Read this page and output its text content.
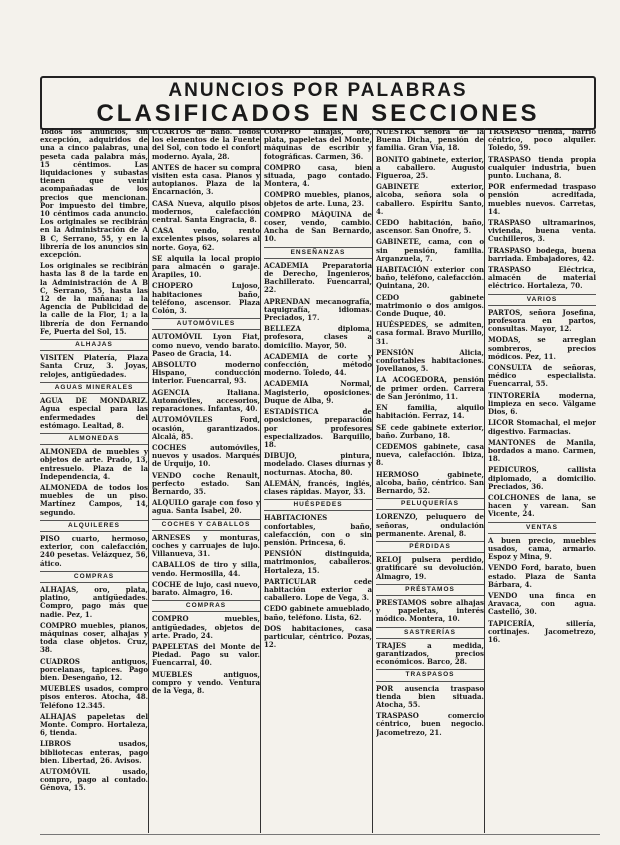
ANUNCIOS POR PALABRAS
CLASIFICADOS EN SECCIONES

Todos los anuncios, sin excepción, adquiridos de una a cinco palabras, una peseta cada palabra más, 15 céntimos. Las liquidaciones y subastas tienen que venir acompañadas de los precios que mencionan. Por impuesto del timbre, 10 céntimos cada anuncio. Los originales se recibirán en la Administración de A B C, Serrano, 55, y en la librería de los anuncios sin excepción.

Los originales se recibirán hasta las 8 de la tarde en la Administración de A B C, Serrano, 55, hasta las 12 de la mañana; a la Agencia de Publicidad de la calle de la Flor, 1; a la librería de don Fernando Fe, Puerta del Sol, 15.

ALHAJAS

VISITEN Platería, Plaza Santa Cruz, 3. Joyas, relojes, antigüedades.

AGUAS MINERALES

AGUA DE MONDARIZ. Agua especial para las enfermedades del estómago. Lealtad, 8.

ALMONEDAS

ALMONEDA de muebles y objetos de arte. Prado, 13, entresuelo. Plaza de la Independencia, 4.

ALMONEDA de todos los muebles de un piso. Martínez Campos, 14, segundo.

ALQUILERES

PISO cuarto, hermoso, exterior, con calefacción, 240 pesetas. Velázquez, 56, ático.

COMPRAS

ALHAJAS, oro, plata, platino, antigüedades. Compro, pago más que nadie. Pez, 1.

COMPRO muebles, pianos, máquinas coser, alhajas y toda clase objetos. Cruz, 38.

CUADROS antiguos, porcelanas, tapices. Pago bien. Desengaño, 12.

MUEBLES usados, compro pisos enteros. Atocha, 48. Teléfono 12.345.

ALHAJAS papeletas del Monte. Compro. Hortaleza, 6, tienda.

LIBROS usados, bibliotecas enteras, pago bien. Libertad, 26. Avisos.

AUTOMÓVIL usado, compro, pago al contado. Génova, 15.

CUARTOS de baño. Todos los elementos de la Fuente del Sol, con todo el confort moderno. Ayala, 28.

ANTES de hacer su compra visiten esta casa. Pianos y autopianos. Plaza de la Encarnación, 3.

CASA Nueva, alquilo pisos modernos, calefacción central. Santa Engracia, 8.

CASA vendo, rento excelentes pisos, solares al norte. Goya, 62.

SE alquila la local propio para almacén o garaje. Arapiles, 10.

CHOPERO Lujoso, habitaciones baño, teléfono, ascensor. Plaza Colón, 3.

AUTOMÓVILES

AUTOMÓVIL Lyon Fiat, como nuevo, vendo barato. Paseo de Gracia, 14.

ABSOLUTO moderno Hispano, conducción interior. Fuencarral, 93.

AGENCIA Italiana. Automóviles, accesorios, reparaciones. Infantas, 40.

AUTOMÓVILES Ford, ocasión, garantizados. Alcalá, 85.

COCHES automóviles, nuevos y usados. Marqués de Urquijo, 10.

VENDO coche Renault, perfecto estado. San Bernardo, 35.

ALQUILO garaje con foso y agua. Santa Isabel, 20.

COCHES Y CABALLOS

ARNESES y monturas, coches y carruajes de lujo. Villanueva, 31.

CABALLOS de tiro y silla, vendo. Hermosilla, 44.

COCHE de lujo, casi nuevo, barato. Almagro, 16.

COMPRAS

COMPRO muebles, antigüedades, objetos de arte. Prado, 24.

PAPELETAS del Monte de Piedad. Pago su valor. Fuencarral, 40.

MUEBLES antiguos, compro y vendo. Ventura de la Vega, 8.

COMPRO alhajas, oro, plata, papeletas del Monte, máquinas de escribir y fotográficas. Carmen, 36.

COMPRO casa, bien situada, pago contado. Montera, 4.

COMPRO muebles, pianos, objetos de arte. Luna, 23.

COMPRO MÁQUINA de coser, vendo, cambio. Ancha de San Bernardo, 10.

ENSEÑANZAS

ACADEMIA Preparatoria de Derecho, Ingenieros, Bachillerato. Fuencarral, 22.

APRENDAN mecanografía, taquigrafía, idiomas. Preciados, 17.

BELLEZA diploma, profesora, clases a domicilio. Mayor, 50.

ACADEMIA de corte y confección, método moderno. Toledo, 44.

ACADEMIA Normal, Magisterio, oposiciones. Duque de Alba, 9.

ESTADÍSTICA de oposiciones, preparación por profesores especializados. Barquillo, 18.

DIBUJO, pintura, modelado. Clases diurnas y nocturnas. Atocha, 80.

ALEMÁN, francés, inglés, clases rápidas. Mayor, 33.

HUÉSPEDES

HABITACIONES confortables, baño, calefacción, con o sin pensión. Princesa, 6.

PENSIÓN distinguida, matrimonios, caballeros. Hortaleza, 15.

PARTICULAR cede habitación exterior a caballero. Lope de Vega, 3.

CEDO gabinete amueblado, baño, teléfono. Lista, 62.

DOS habitaciones, casa particular, céntrico. Pozas, 12.

NUESTRA señora de la Buena Dicha, pensión de familia. Gran Vía, 18.

BONITO gabinete, exterior, a caballero. Augusto Figueroa, 25.

GABINETE exterior, alcoba, señora sola o caballero. Espíritu Santo, 4.

CEDO habitación, baño, ascensor. San Onofre, 5.

GABINETE, cama, con o sin pensión, familia. Arganzuela, 7.

HABITACIÓN exterior con baño, teléfono, calefacción. Quintana, 20.

CEDO gabinete matrimonio o dos amigos. Conde Duque, 40.

HUÉSPEDES, se admiten, casa formal. Bravo Murillo, 31.

PENSIÓN Alicia, confortables habitaciones. Jovellanos, 5.

LA ACOGEDORA, pensión de primer orden. Carrera de San Jerónimo, 11.

EN familia, alquilo habitación. Ferraz, 14.

SE cede gabinete exterior, baño. Zurbano, 18.

CEDEMOS gabinete, casa nueva, calefacción. Ibiza, 8.

HERMOSO gabinete, alcoba, baño, céntrico. San Bernardo, 52.

PELUQUERÍAS

LORENZO, peluquero de señoras, ondulación permanente. Arenal, 8.

PÉRDIDAS

RELOJ pulsera perdido, gratificaré su devolución. Almagro, 19.

PRÉSTAMOS

PRESTAMOS sobre alhajas y papeletas, interés módico. Montera, 10.

SASTRERÍAS

TRAJES a medida, garantizados, precios económicos. Barco, 28.

TRASPASOS

POR ausencia traspaso tienda bien situada. Atocha, 55.

TRASPASO comercio céntrico, buen negocio. Jacometrezo, 21.

TRASPASO tienda, barrio céntrico, poco alquiler. Toledo, 59.

TRASPASO tienda propia cualquier industria, buen punto. Luchana, 8.

POR enfermedad traspaso pensión acreditada, muebles nuevos. Carretas, 14.

TRASPASO ultramarinos, vivienda, buena venta. Cuchilleros, 3.

TRASPASO bodega, buena barriada. Embajadores, 42.

TRASPASO Eléctrica, almacén de material eléctrico. Hortaleza, 70.

VARIOS

PARTOS, señora Josefina, profesora en partos, consultas. Mayor, 12.

MODAS, se arreglan sombreros, precios módicos. Pez, 11.

CONSULTA de señoras, médico especialista. Fuencarral, 55.

TINTORERÍA moderna, limpieza en seco. Válgame Dios, 6.

LICOR Stomachal, el mejor digestivo. Farmacias.

MANTONES de Manila, bordados a mano. Carmen, 18.

PEDICUROS, callista diplomado, a domicilio. Preciados, 36.

COLCHONES de lana, se hacen y varean. San Vicente, 24.

VENTAS

A buen precio, muebles usados, cama, armario. Espoz y Mina, 9.

VENDO Ford, barato, buen estado. Plaza de Santa Bárbara, 4.

VENDO una finca en Aravaca, con agua. Castelló, 30.

TAPICERÍA, sillería, cortinajes. Jacometrezo, 16.
